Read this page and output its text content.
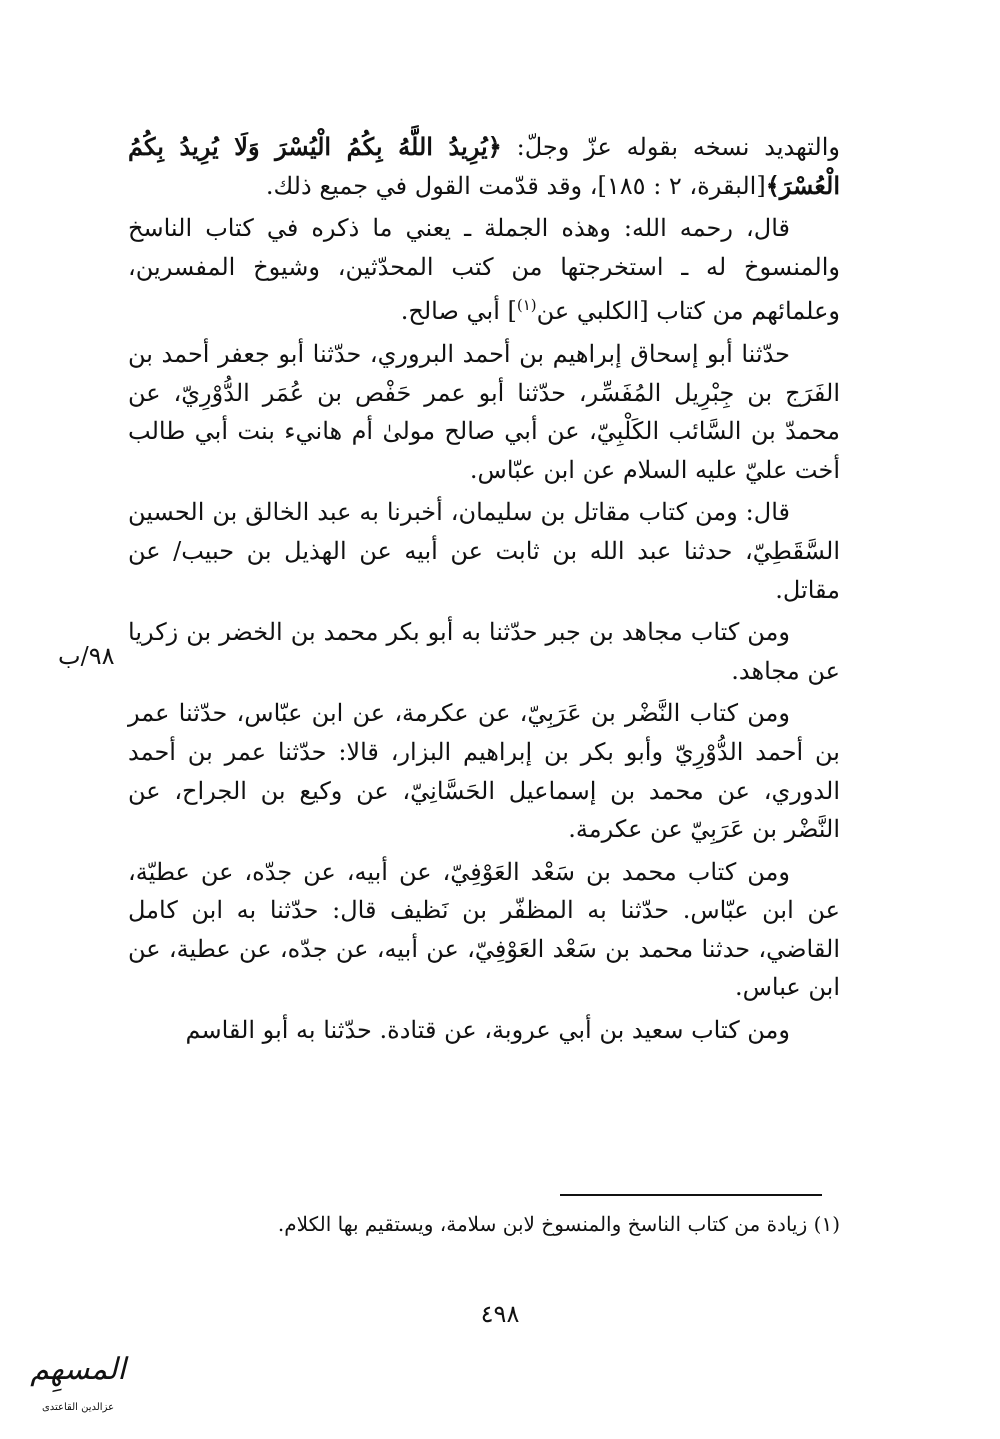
والتهديد نسخه بقوله عزّ وجلّ: ﴿يُرِيدُ اللَّهُ بِكُمُ الْيُسْرَ وَلَا يُرِيدُ بِكُمُ الْعُسْرَ﴾[البقرة، ٢ : ١٨٥]، وقد قدّمت القول في جميع ذلك.

قال، رحمه الله: وهذه الجملة ـ يعني ما ذكره في كتاب الناسخ والمنسوخ له ـ استخرجتها من كتب المحدّثين، وشيوخ المفسرين، وعلمائهم من كتاب [الكلبي عن$^{(١)}$] أبي صالح.

حدّثنا أبو إسحاق إبراهيم بن أحمد البروري، حدّثنا أبو جعفر أحمد بن الفَرَج بن جِبْرِيل المُفَسِّر، حدّثنا أبو عمر حَفْص بن عُمَر الدُّوْرِيّ، عن محمدّ بن السَّائب الكَلْبِيّ، عن أبي صالح مولىٰ أم هانيء بنت أبي طالب أخت عليّ عليه السلام عن ابن عبّاس.

قال: ومن كتاب مقاتل بن سليمان، أخبرنا به عبد الخالق بن الحسين السَّقَطِيّ، حدثنا عبد الله بن ثابت عن أبيه عن الهذيل بن حبيب/ عن مقاتل.

ومن كتاب مجاهد بن جبر حدّثنا به أبو بكر محمد بن الخضر بن زكريا عن مجاهد.

ومن كتاب النَّضْر بن عَرَبِيّ، عن عكرمة، عن ابن عبّاس، حدّثنا عمر بن أحمد الدُّوْرِيّ وأبو بكر بن إبراهيم البزار، قالا: حدّثنا عمر بن أحمد الدوري، عن محمد بن إسماعيل الحَسَّانِيّ، عن وكيع بن الجراح، عن النَّضْر بن عَرَبِيّ عن عكرمة.

ومن كتاب محمد بن سَعْد العَوْفِيّ، عن أبيه، عن جدّه، عن عطيّة، عن ابن عبّاس. حدّثنا به المظفّر بن نَظيف قال: حدّثنا به ابن كامل القاضي، حدثنا محمد بن سَعْد العَوْفِيّ، عن أبيه، عن جدّه، عن عطية، عن ابن عباس.

ومن كتاب سعيد بن أبي عروبة، عن قتادة. حدّثنا به أبو القاسم

٩٨/ب
(١) زيادة من كتاب الناسخ والمنسوخ لابن سلامة، ويستقيم بها الكلام.
٤٩٨
المسهِم
عزالدین القاعتدی
